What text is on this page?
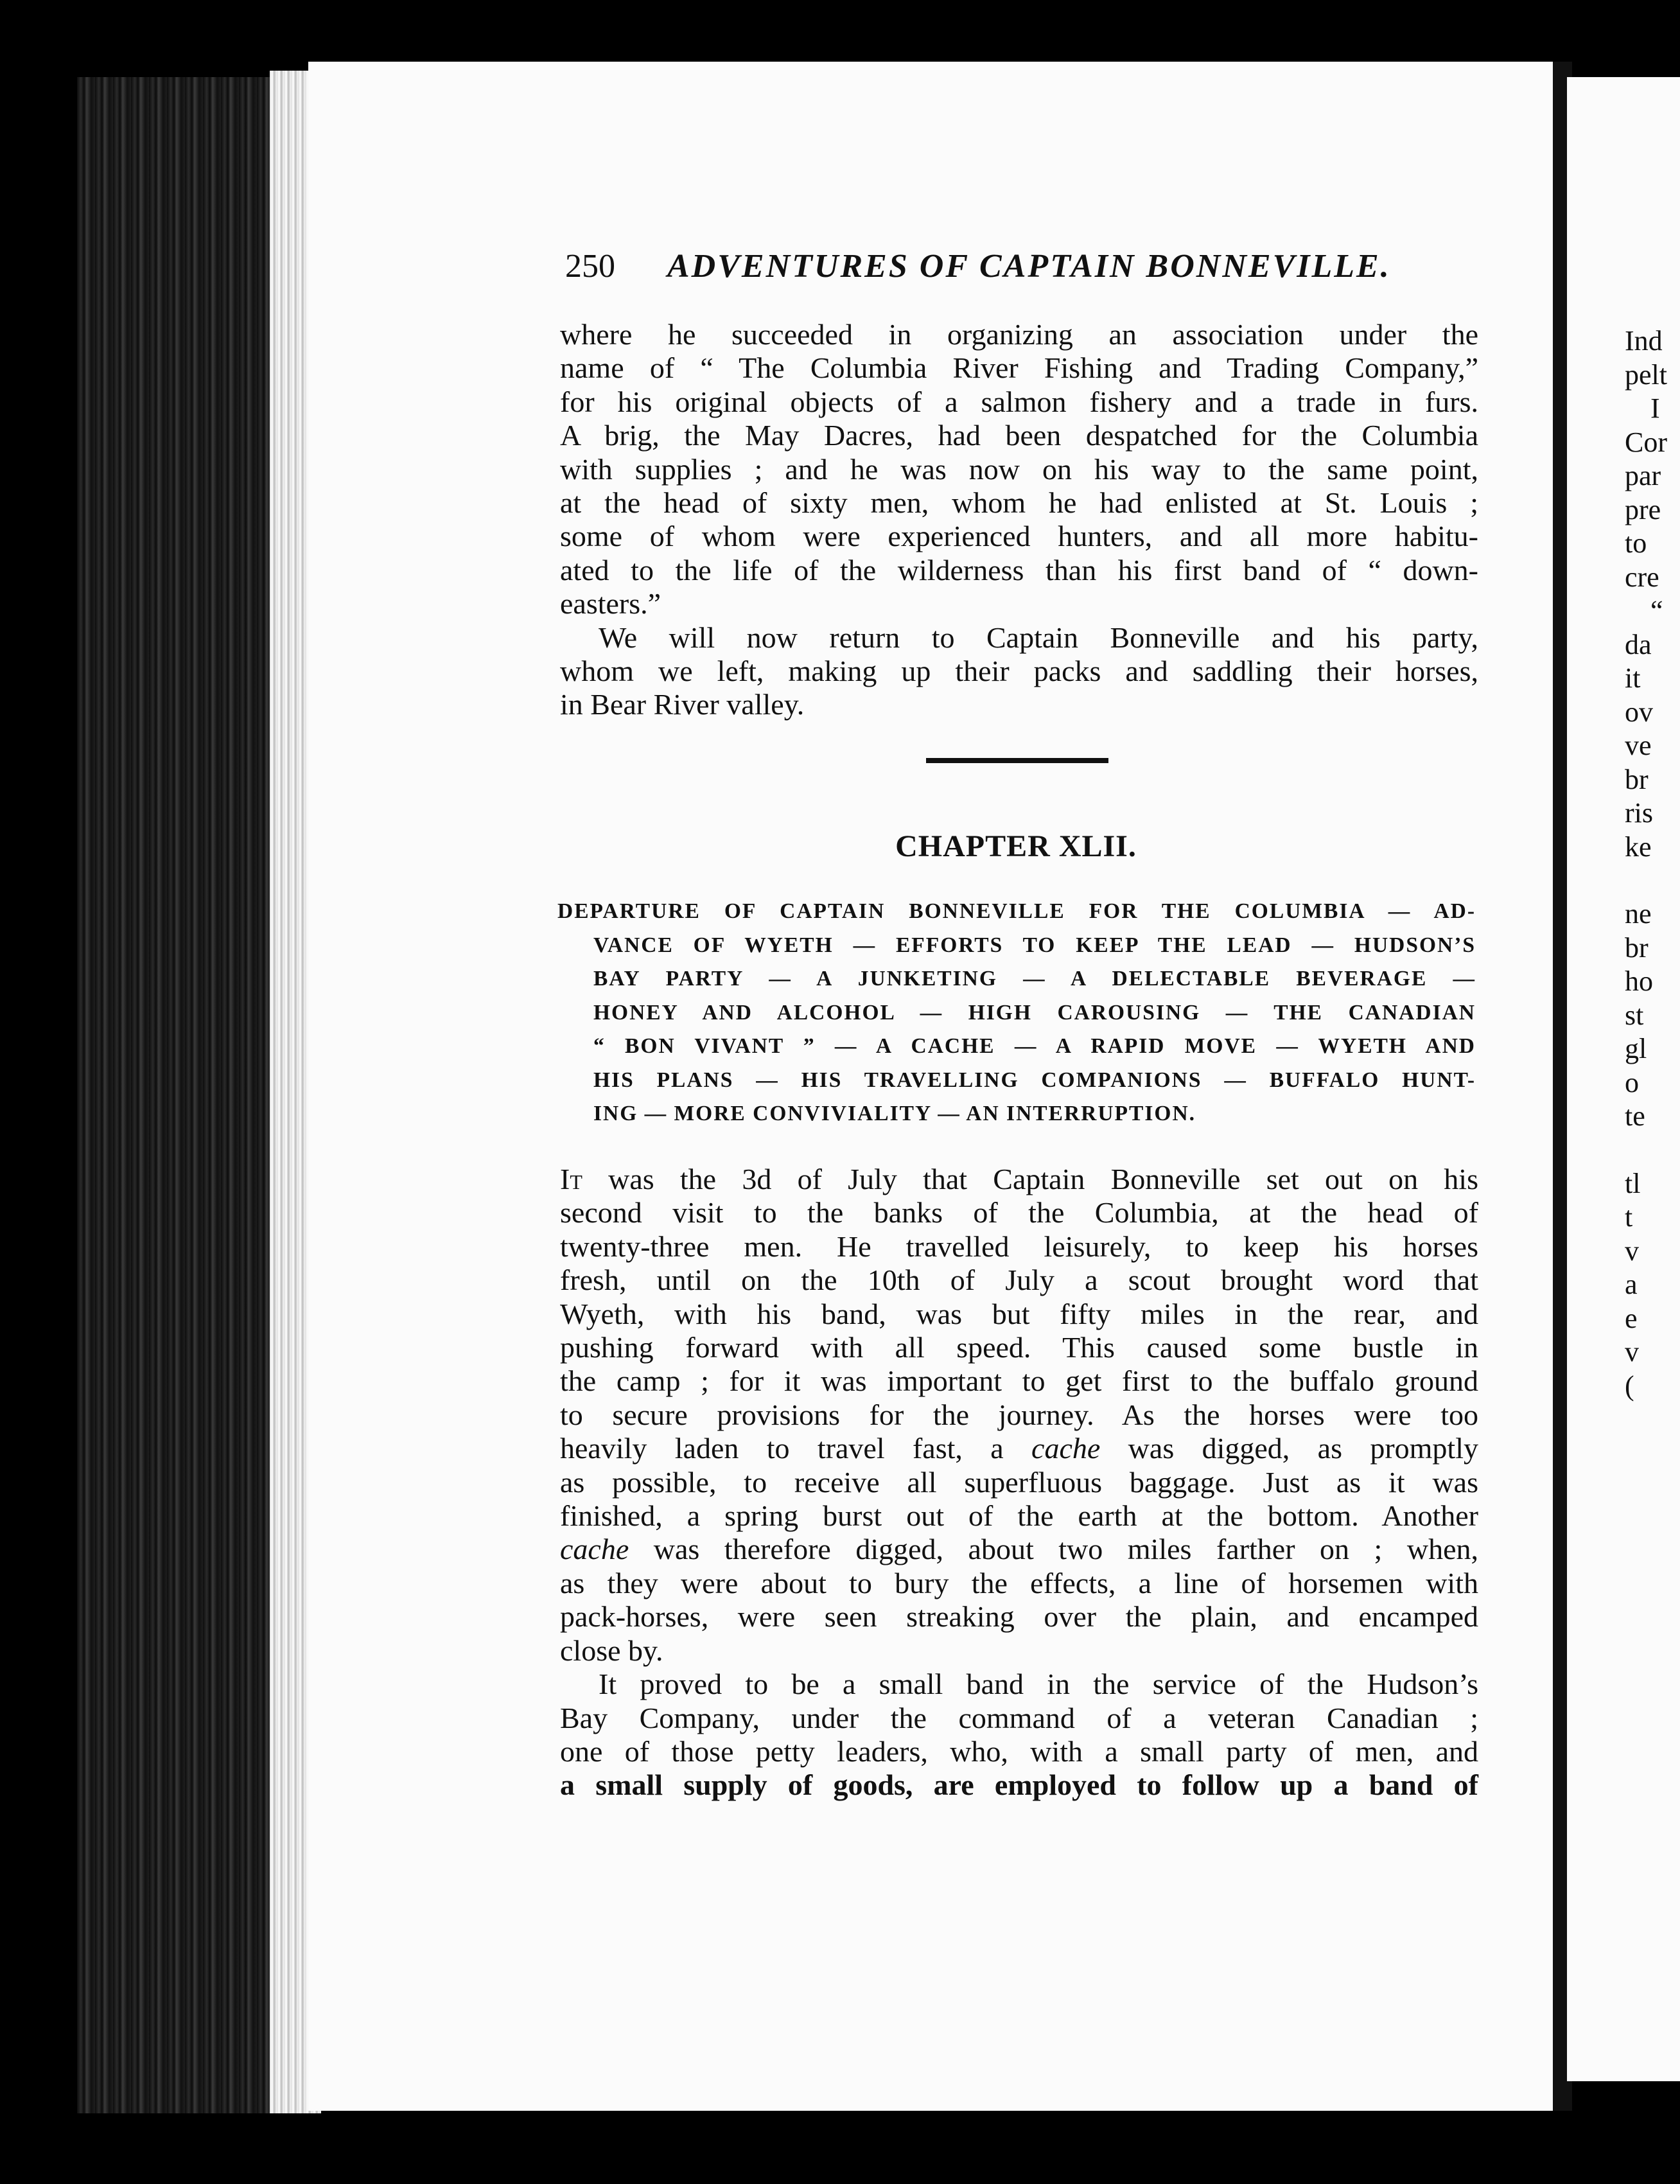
250 ADVENTURES OF CAPTAIN BONNEVILLE.

where he succeeded in organizing an association under the
name of “ The Columbia River Fishing and Trading Company,”
for his original objects of a salmon fishery and a trade in furs.
A brig, the May Dacres, had been despatched for the Columbia
with supplies ; and he was now on his way to the same point,
at the head of sixty men, whom he had enlisted at St. Louis ;
some of whom were experienced hunters, and all more habitu-
ated to the life of the wilderness than his first band of “ down-
easters.”

We will now return to Captain Bonneville and his party,
whom we left, making up their packs and saddling their horses,
in Bear River valley.

CHAPTER XLII.
DEPARTURE OF CAPTAIN BONNEVILLE FOR THE COLUMBIA — AD-
VANCE OF WYETH — EFFORTS TO KEEP THE LEAD — HUDSON’S
BAY PARTY — A JUNKETING — A DELECTABLE BEVERAGE —
HONEY AND ALCOHOL — HIGH CAROUSING — THE CANADIAN
“ BON VIVANT ” — A CACHE — A RAPID MOVE — WYETH AND
HIS PLANS — HIS TRAVELLING COMPANIONS — BUFFALO HUNT-
ING — MORE CONVIVIALITY — AN INTERRUPTION.

It was the 3d of July that Captain Bonneville set out on his
second visit to the banks of the Columbia, at the head of
twenty-three men. He travelled leisurely, to keep his horses
fresh, until on the 10th of July a scout brought word that
Wyeth, with his band, was but fifty miles in the rear, and
pushing forward with all speed. This caused some bustle in
the camp ; for it was important to get first to the buffalo ground
to secure provisions for the journey. As the horses were too
heavily laden to travel fast, a cache was digged, as promptly
as possible, to receive all superfluous baggage. Just as it was
finished, a spring burst out of the earth at the bottom. Another
cache was therefore digged, about two miles farther on ; when,
as they were about to bury the effects, a line of horsemen with
pack-horses, were seen streaking over the plain, and encamped
close by.

It proved to be a small band in the service of the Hudson’s
Bay Company, under the command of a veteran Canadian ;
one of those petty leaders, who, with a small party of men, and
a small supply of goods, are employed to follow up a band of

Ind
pelt
I
Cor
par
pre
to
cre
“
da
it
ov
ve
br
ris
ke
ne
br
ho
st
gl
o
te
tl
t
v
a
e
v
(
